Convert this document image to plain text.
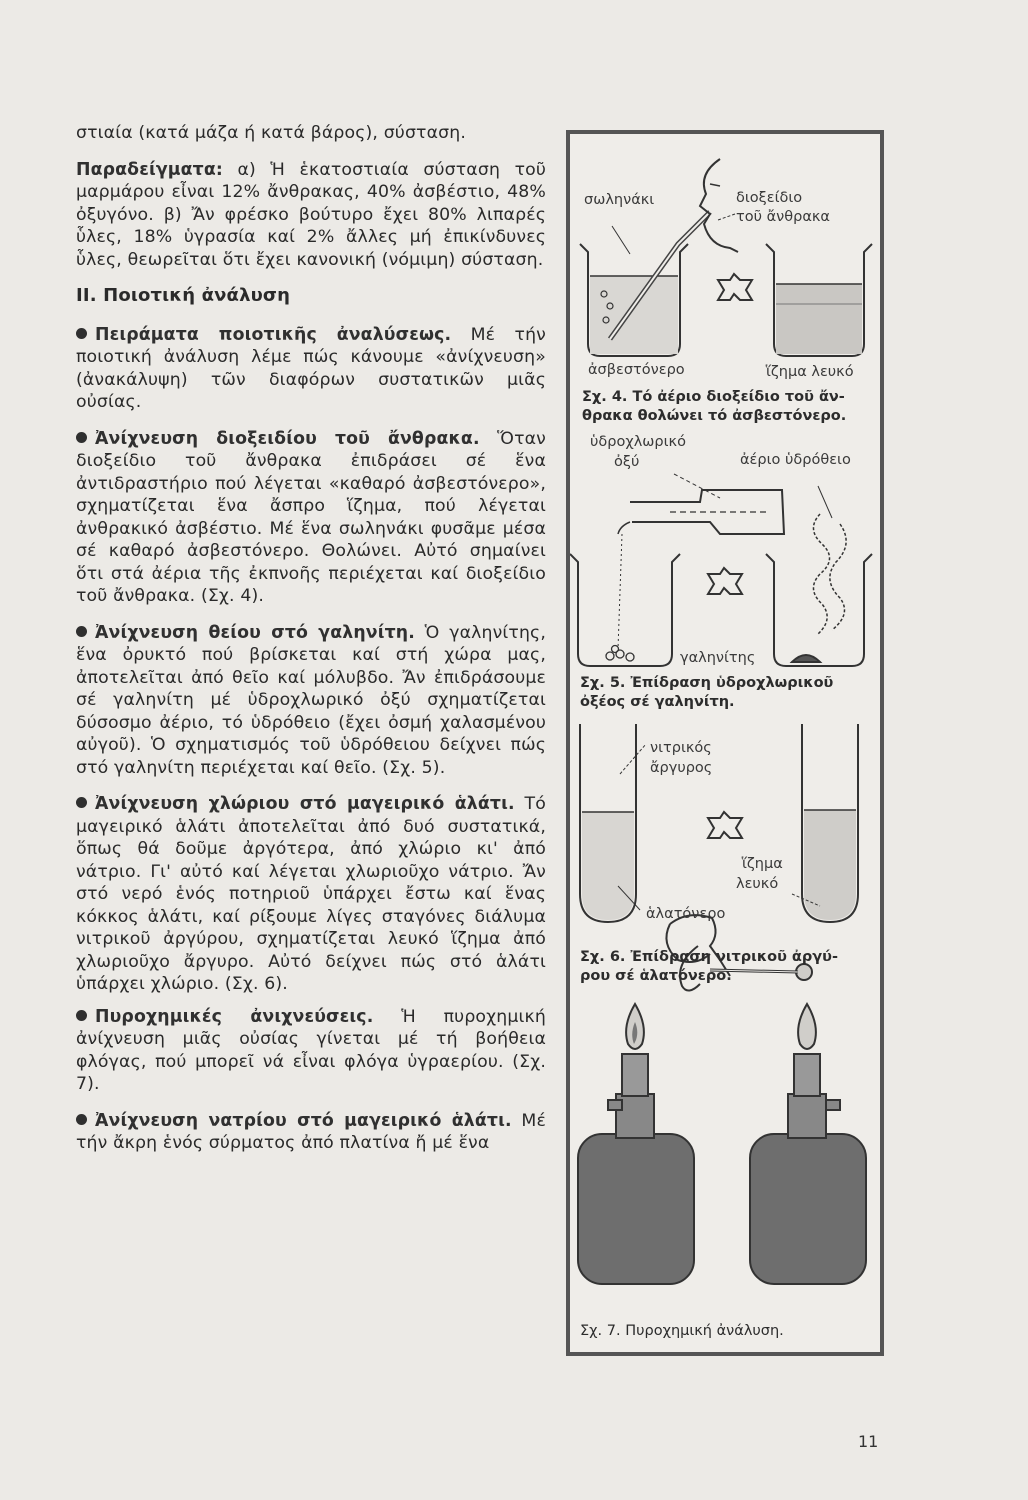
στιαία (κατά μάζα ή κατά βάρος), σύσταση.

Παραδείγματα: α) Ἡ ἑκατοστιαία σύσταση τοῦ μαρμάρου εἶναι 12% ἄνθρακας, 40% ἀσβέστιο, 48% ὀξυγόνο. β) Ἄν φρέσκο βούτυρο ἔχει 80% λιπαρές ὗλες, 18% ὑγρασία καί 2% ἄλλες μή ἐπικίνδυνες ὗλες, θεωρεῖται ὅτι ἔχει κανονική (νόμιμη) σύσταση.

II. Ποιοτική ἀνάλυση

Πειράματα ποιοτικῆς ἀναλύσεως. Μέ τήν ποιοτική ἀνάλυση λέμε πώς κάνουμε «ἀνίχνευση» (ἀνακάλυψη) τῶν διαφόρων συστατικῶν μιᾶς οὐσίας.

Ἀνίχνευση διοξειδίου τοῦ ἄνθρακα. Ὅταν διοξείδιο τοῦ ἄνθρακα ἐπιδράσει σέ ἕνα ἀντιδραστήριο πού λέγεται «καθαρό ἀσβεστόνερο», σχηματίζεται ἕνα ἄσπρο ἵζημα, πού λέγεται ἀνθρακικό ἀσβέστιο. Μέ ἕνα σωληνάκι φυσᾶμε μέσα σέ καθαρό ἀσβεστόνερο. Θολώνει. Αὐτό σημαίνει ὅτι στά ἀέρια τῆς ἐκπνοῆς περιέχεται καί διοξείδιο τοῦ ἄνθρακα. (Σχ. 4).

Ἀνίχνευση θείου στό γαληνίτη. Ὁ γαληνίτης, ἕνα ὀρυκτό πού βρίσκεται καί στή χώρα μας, ἀποτελεῖται ἀπό θεῖο καί μόλυβδο. Ἄν ἐπιδράσουμε σέ γαληνίτη μέ ὑδροχλωρικό ὀξύ σχηματίζεται δύσοσμο ἀέριο, τό ὑδρόθειο (ἔχει ὀσμή χαλασμένου αὐγοῦ). Ὁ σχηματισμός τοῦ ὑδρόθειου δείχνει πώς στό γαληνίτη περιέχεται καί θεῖο. (Σχ. 5).

Ἀνίχνευση χλώριου στό μαγειρικό ἁλάτι. Τό μαγειρικό ἁλάτι ἀποτελεῖται ἀπό δυό συστατικά, ὅπως θά δοῦμε ἀργότερα, ἀπό χλώριο κι' ἀπό νάτριο. Γι' αὐτό καί λέγεται χλωριοῦχο νάτριο. Ἄν στό νερό ἑνός ποτηριοῦ ὑπάρχει ἔστω καί ἕνας κόκκος ἁλάτι, καί ρίξουμε λίγες σταγόνες διάλυμα νιτρικοῦ ἀργύρου, σχηματίζεται λευκό ἵζημα ἀπό χλωριοῦχο ἄργυρο. Αὐτό δείχνει πώς στό ἁλάτι ὑπάρχει χλώριο. (Σχ. 6).

Πυροχημικές ἀνιχνεύσεις. Ἡ πυροχημική ἀνίχνευση μιᾶς οὐσίας γίνεται μέ τή βοήθεια φλόγας, πού μπορεῖ νά εἶναι φλόγα ὑγραερίου. (Σχ. 7).

Ἀνίχνευση νατρίου στό μαγειρικό ἁλάτι. Μέ τήν ἄκρη ἑνός σύρματος ἀπό πλατίνα ἤ μέ ἕνα

σωληνάκι	διοξείδιο
τοῦ ἄνθρακα
ἀσβεστόνερο	ἵζημα λευκό
Σχ. 4. Τό ἀέριο διοξείδιο τοῦ ἄν-
θρακα θολώνει τό ἀσβεστόνερο.
ὑδροχλωρικό
ὀξύ	ἀέριο ὑδρόθειο
γαληνίτης
Σχ. 5. Ἐπίδραση ὑδροχλωρικοῦ
ὀξέος σέ γαληνίτη.
νιτρικός
ἄργυρος
ἵζημα
λευκό
ἁλατόνερο
Σχ. 6. Ἐπίδραση νιτρικοῦ ἀργύ-
ρου σέ ἁλατόνερο.
Σχ. 7. Πυροχημική ἀνάλυση.
11
